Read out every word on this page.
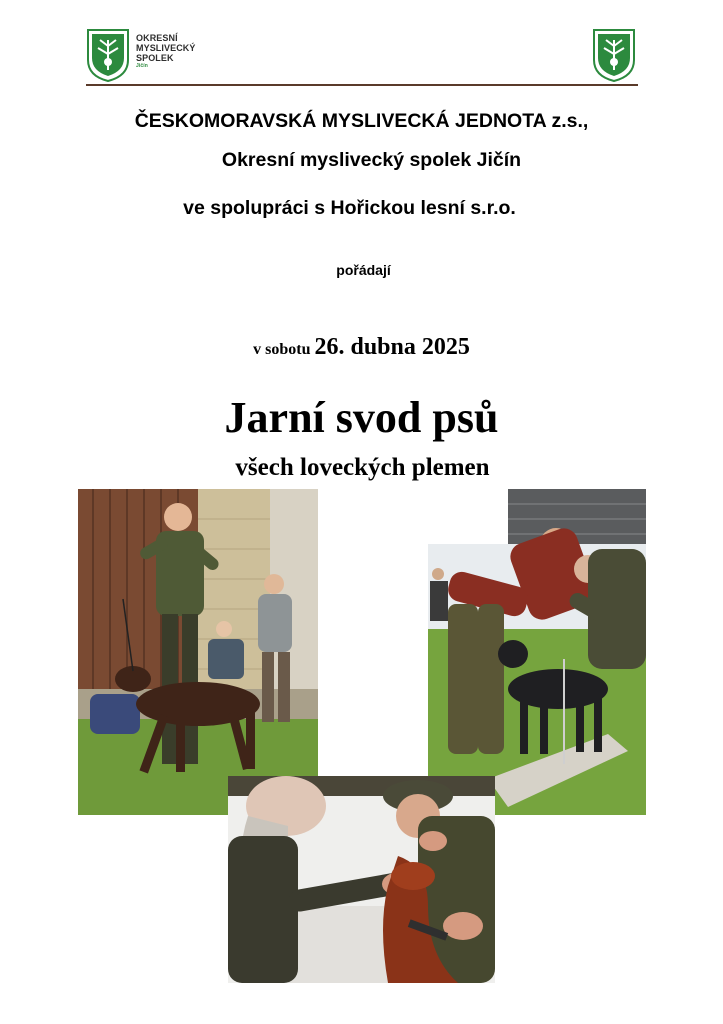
OKRESNÍ
MYSLIVECKÝ
SPOLEK
Jičín
ČESKOMORAVSKÁ MYSLIVECKÁ JEDNOTA z.s.,
Okresní myslivecký spolek Jičín
ve spolupráci s Hořickou lesní s.r.o.
pořádají
v sobotu 26. dubna 2025
Jarní svod psů
všech loveckých plemen
